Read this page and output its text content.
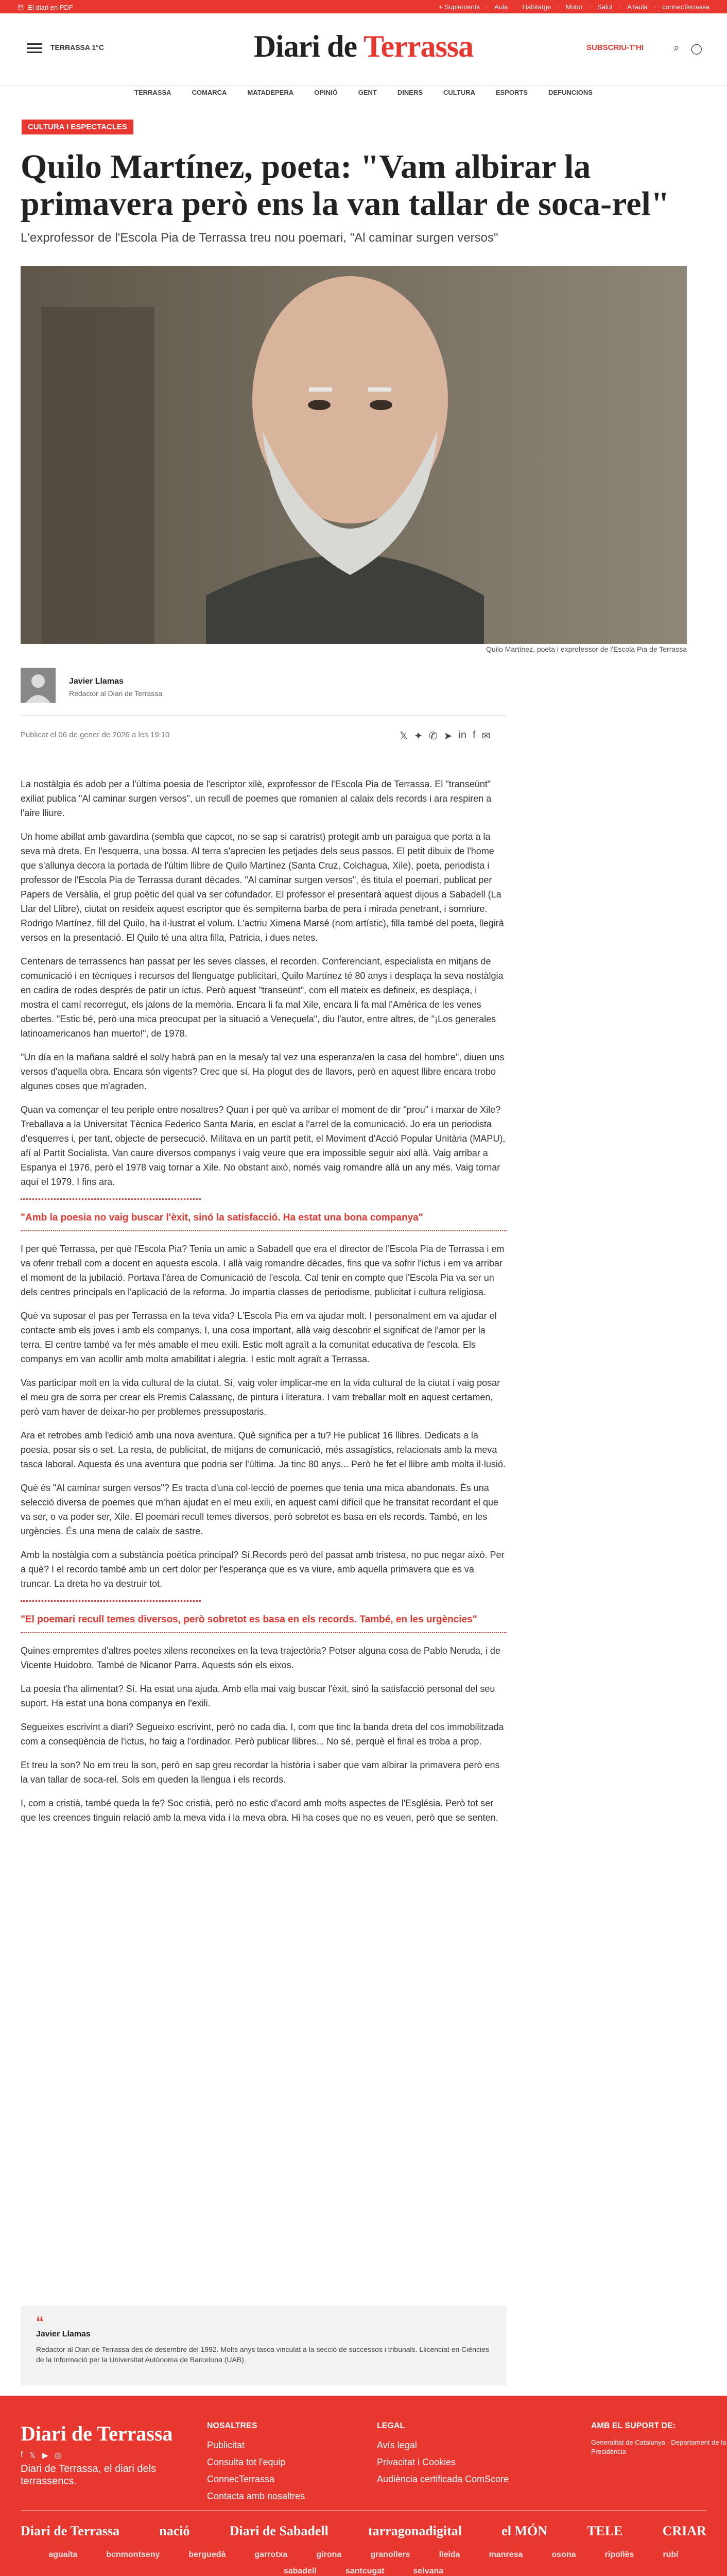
▤ El diari en PDF	+ Suplements · Aula · Habitatge · Motor · Salut · A taula · connecTerrassa
TERRASSA 1°C	Diari de Terrassa	SUBSCRIU-T'HI	⌕ ◯
TERRASSA	COMARCA	MATADEPERA	OPINIÓ	GENT	DINERS	CULTURA	ESPORTS	DEFUNCIONS
CULTURA I ESPECTACLES
Quilo Martínez, poeta: "Vam albirar la primavera però ens la van tallar de soca-rel"
L'exprofessor de l'Escola Pia de Terrassa treu nou poemari, "Al caminar surgen versos"
Quilo Martínez, poeta i exprofessor de l'Escola Pia de Terrassa
Javier Llamas
Redactor al Diari de Terrassa
Publicat el 06 de gener de 2026 a les 19:10	𝕏 ✦ ✆ ➤ in f ✉

La nostàlgia és adob per a l'última poesia de l'escriptor xilè, exprofessor de l'Escola Pia de Terrassa. El "transeünt" exiliat publica "Al caminar surgen versos", un recull de poemes que romanien al calaix dels records i ara respiren a l'aire lliure.

Un home abillat amb gavardina (sembla que capcot, no se sap si caratrist) protegit amb un paraigua que porta a la seva mà dreta. En l'esquerra, una bossa. Al terra s'aprecien les petjades dels seus passos. El petit dibuix de l'home que s'allunya decora la portada de l'últim llibre de Quilo Martínez (Santa Cruz, Colchagua, Xile), poeta, periodista i professor de l'Escola Pia de Terrassa durant dècades. "Al caminar surgen versos", és titula el poemari, publicat per Papers de Versàlia, el grup poètic del qual va ser cofundador. El professor el presentarà aquest dijous a Sabadell (La Llar del Llibre), ciutat on resideix aquest escriptor que és sempiterna barba de pera i mirada penetrant, i somriure. Rodrigo Martínez, fill del Quilo, ha il·lustrat el volum. L'actriu Ximena Marsé (nom artístic), filla també del poeta, llegirà versos en la presentació. El Quilo té una altra filla, Patricia, i dues netes.

Centenars de terrassencs han passat per les seves classes, el recorden. Conferenciant, especialista en mitjans de comunicació i en tècniques i recursos del llenguatge publicitari, Quilo Martínez té 80 anys i desplaça la seva nostàlgia en cadira de rodes després de patir un ictus. Però aquest "transeünt", com ell mateix es defineix, es desplaça, i mostra el camí recorregut, els jalons de la memòria. Encara li fa mal Xile, encara li fa mal l'Amèrica de les venes obertes. "Estic bé, però una mica preocupat per la situació a Veneçuela", diu l'autor, entre altres, de "¡Los generales latinoamericanos han muerto!", de 1978.

"Un día en la mañana saldré el sol/y habrá pan en la mesa/y tal vez una esperanza/en la casa del hombre", diuen uns versos d'aquella obra. Encara són vigents? Crec que sí. Ha plogut des de llavors, però en aquest llibre encara trobo algunes coses que m'agraden.

Quan va començar el teu periple entre nosaltres? Quan i per què va arribar el moment de dir "prou" i marxar de Xile? Treballava a la Universitat Tècnica Federico Santa Maria, en esclat a l'arrel de la comunicació. Jo era un periodista d'esquerres i, per tant, objecte de persecució. Militava en un partit petit, el Moviment d'Acció Popular Unitària (MAPU), afí al Partit Socialista. Van caure diversos companys i vaig veure que era impossible seguir així allà. Vaig arribar a Espanya el 1976, però el 1978 vaig tornar a Xile. No obstant això, només vaig romandre allà un any més. Vaig tornar aquí el 1979. I fins ara.

"Amb la poesia no vaig buscar l'èxit, sinó la satisfacció. Ha estat una bona companya"

I per què Terrassa, per què l'Escola Pia? Tenia un amic a Sabadell que era el director de l'Escola Pia de Terrassa i em va oferir treball com a docent en aquesta escola. I allà vaig romandre dècades, fins que va sofrir l'ictus i em va arribar el moment de la jubilació. Portava l'àrea de Comunicació de l'escola. Cal tenir en compte que l'Escola Pia va ser un dels centres principals en l'aplicació de la reforma. Jo impartia classes de periodisme, publicitat i cultura religiosa.

Què va suposar el pas per Terrassa en la teva vida? L'Escola Pia em va ajudar molt. I personalment em va ajudar el contacte amb els joves i amb els companys. I, una cosa important, allà vaig descobrir el significat de l'amor per la terra. El centre també va fer més amable el meu exili. Estic molt agraït a la comunitat educativa de l'escola. Els companys em van acollir amb molta amabilitat i alegria. I estic molt agraït a Terrassa.

Vas participar molt en la vida cultural de la ciutat. Sí, vaig voler implicar-me en la vida cultural de la ciutat i vaig posar el meu gra de sorra per crear els Premis Calassanç, de pintura i literatura. I vam treballar molt en aquest certamen, però vam haver de deixar-ho per problemes pressupostaris.

Ara et retrobes amb l'edició amb una nova aventura. Què significa per a tu? He publicat 16 llibres. Dedicats a la poesia, posar sis o set. La resta, de publicitat, de mitjans de comunicació, més assagístics, relacionats amb la meva tasca laboral. Aquesta és una aventura que podria ser l'última. Ja tinc 80 anys... Però he fet el llibre amb molta il·lusió.

Què és "Al caminar surgen versos"? Es tracta d'una col·lecció de poemes que tenia una mica abandonats. És una selecció diversa de poemes que m'han ajudat en el meu exili, en aquest camí difícil que he transitat recordant el que va ser, o va poder ser, Xile. El poemari recull temes diversos, però sobretot es basa en els records. També, en les urgències. És una mena de calaix de sastre.

Amb la nostàlgia com a substància poètica principal? Sí.Records però del passat amb tristesa, no puc negar això. Per a què? I el recordo també amb un cert dolor per l'esperança que es va viure, amb aquella primavera que es va truncar. La dreta ho va destruir tot.

"El poemari recull temes diversos, però sobretot es basa en els records. També, en les urgències"

Quines empremtes d'altres poetes xilens reconeixes en la teva trajectòria? Potser alguna cosa de Pablo Neruda, i de Vicente Huidobro. També de Nicanor Parra. Aquests són els eixos.

La poesia t'ha alimentat? Sí. Ha estat una ajuda. Amb ella mai vaig buscar l'èxit, sinó la satisfacció personal del seu suport. Ha estat una bona companya en l'exili.

Segueixes escrivint a diari? Segueixo escrivint, però no cada dia. I, com que tinc la banda dreta del cos immobilitzada com a conseqüència de l'ictus, ho faig a l'ordinador. Però publicar llibres... No sé, perquè el final es troba a prop.

Et treu la son? No em treu la son, però en sap greu recordar la història i saber que vam albirar la primavera però ens la van tallar de soca-rel. Sols em queden la llengua i els records.

I, com a cristià, també queda la fe? Soc cristià, però no estic d'acord amb molts aspectes de l'Església. Però tot ser que les creences tinguin relació amb la meva vida i la meva obra. Hi ha coses que no es veuen, però que se senten.

“
Javier Llamas
Redactor al Diari de Terrassa des de desembre del 1992. Molts anys tasca vinculat a la secció de successos i tribunals. Llicenciat en Ciències de la Informació per la Universitat Autònoma de Barcelona (UAB).
Diari de Terrassa
f 𝕏 ▶ ◎
Diari de Terrassa, el diari dels terrassencs.
NOSALTRES
Publicitat
Consulta tot l'equip
ConnecTerrassa
Contacta amb nosaltres
LEGAL
Avís legal
Privacitat i Cookies
Audiència certificada ComScore
AMB EL SUPORT DE:
Generalitat de Catalunya · Departament de la Presidència
Diari de Terrassa	nació	Diari de Sabadell	tarragonadigital	el MÓN	TELE	CRIAR
aguaita	bcnmontseny	berguedà	garrotxa	girona	granollers	lleida	manresa	osona	ripollès	rubí
sabadell	santcugat	selvana
